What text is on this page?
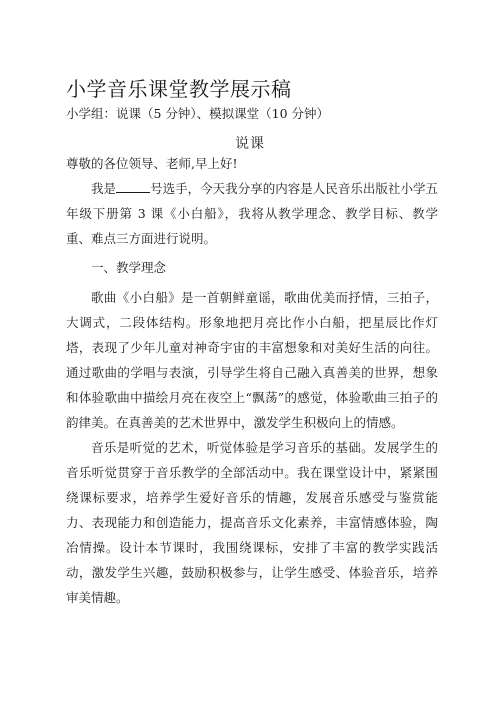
小学音乐课堂教学展示稿
小学组：说课（5 分钟）、模拟课堂（10 分钟）
说课
尊敬的各位领导、老师,早上好!
我是	号选手，今天我分享的内容是人民音乐出版社小学五年级下册第 3 课《小白船》，我将从教学理念、教学目标、教学重、难点三方面进行说明。
一、教学理念
歌曲《小白船》是一首朝鲜童谣，歌曲优美而抒情，三拍子，大调式，二段体结构。形象地把月亮比作小白船，把星辰比作灯塔，表现了少年儿童对神奇宇宙的丰富想象和对美好生活的向往。通过歌曲的学唱与表演，引导学生将自己融入真善美的世界，想象和体验歌曲中描绘月亮在夜空上“飘荡”的感觉，体验歌曲三拍子的韵律美。在真善美的艺术世界中，激发学生积极向上的情感。
音乐是听觉的艺术，听觉体验是学习音乐的基础。发展学生的音乐听觉贯穿于音乐教学的全部活动中。我在课堂设计中，紧紧围绕课标要求，培养学生爱好音乐的情趣，发展音乐感受与鉴赏能力、表现能力和创造能力，提高音乐文化素养，丰富情感体验，陶冶情操。设计本节课时，我围绕课标，安排了丰富的教学实践活动，激发学生兴趣，鼓励积极参与，让学生感受、体验音乐，培养审美情趣。
